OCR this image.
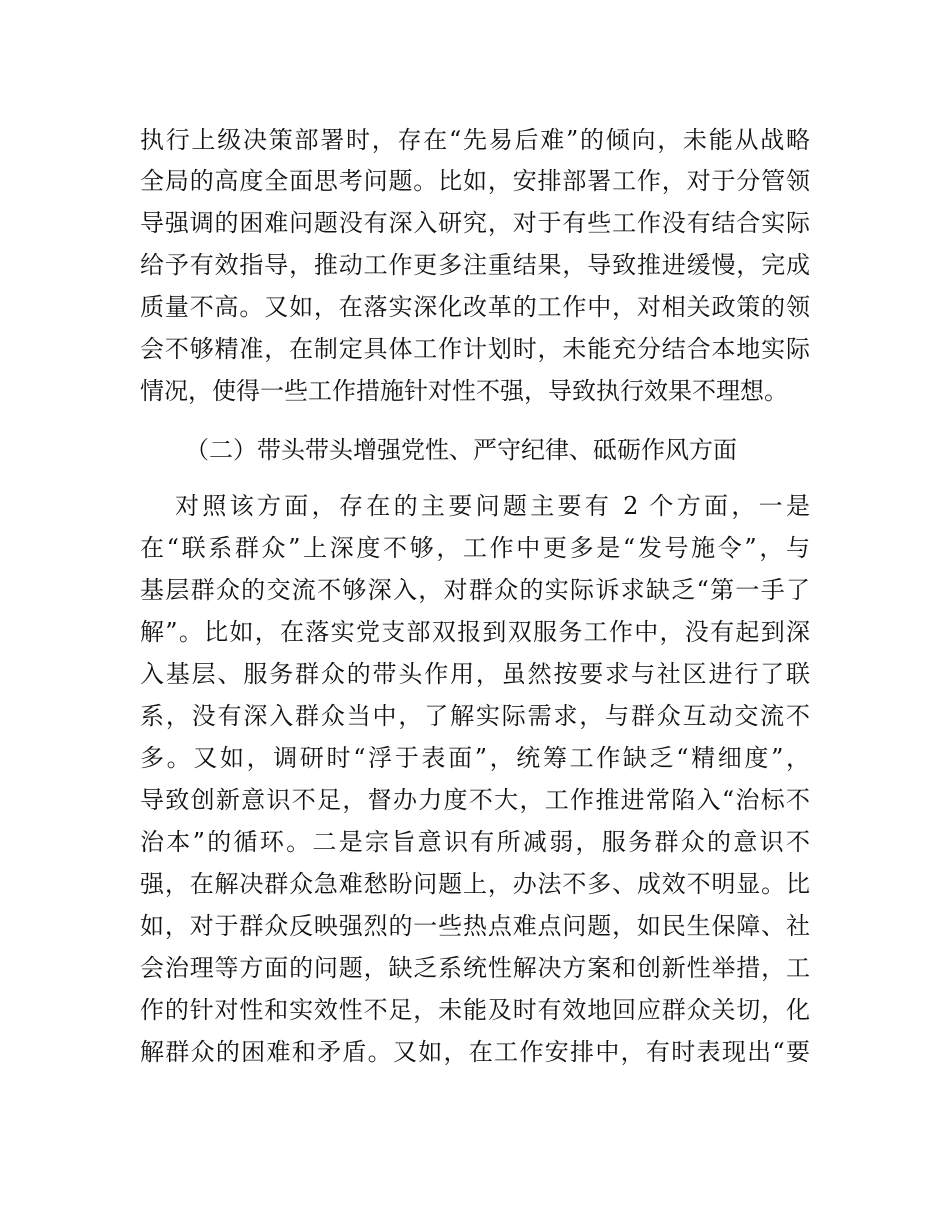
执行上级决策部署时，存在“先易后难”的倾向，未能从战略
全局的高度全面思考问题。比如，安排部署工作，对于分管领
导强调的困难问题没有深入研究，对于有些工作没有结合实际
给予有效指导，推动工作更多注重结果，导致推进缓慢，完成
质量不高。又如，在落实深化改革的工作中，对相关政策的领
会不够精准，在制定具体工作计划时，未能充分结合本地实际
情况，使得一些工作措施针对性不强，导致执行效果不理想。
（二）带头带头增强党性、严守纪律、砥砺作风方面
对照该方面，存在的主要问题主要有 2 个方面，一是
在“联系群众”上深度不够，工作中更多是“发号施令”，与
基层群众的交流不够深入，对群众的实际诉求缺乏“第一手了
解”。比如，在落实党支部双报到双服务工作中，没有起到深
入基层、服务群众的带头作用，虽然按要求与社区进行了联
系，没有深入群众当中，了解实际需求，与群众互动交流不
多。又如，调研时“浮于表面”，统筹工作缺乏“精细度”，
导致创新意识不足，督办力度不大，工作推进常陷入“治标不
治本”的循环。二是宗旨意识有所减弱，服务群众的意识不
强，在解决群众急难愁盼问题上，办法不多、成效不明显。比
如，对于群众反映强烈的一些热点难点问题，如民生保障、社
会治理等方面的问题，缺乏系统性解决方案和创新性举措，工
作的针对性和实效性不足，未能及时有效地回应群众关切，化
解群众的困难和矛盾。又如，在工作安排中，有时表现出“要
